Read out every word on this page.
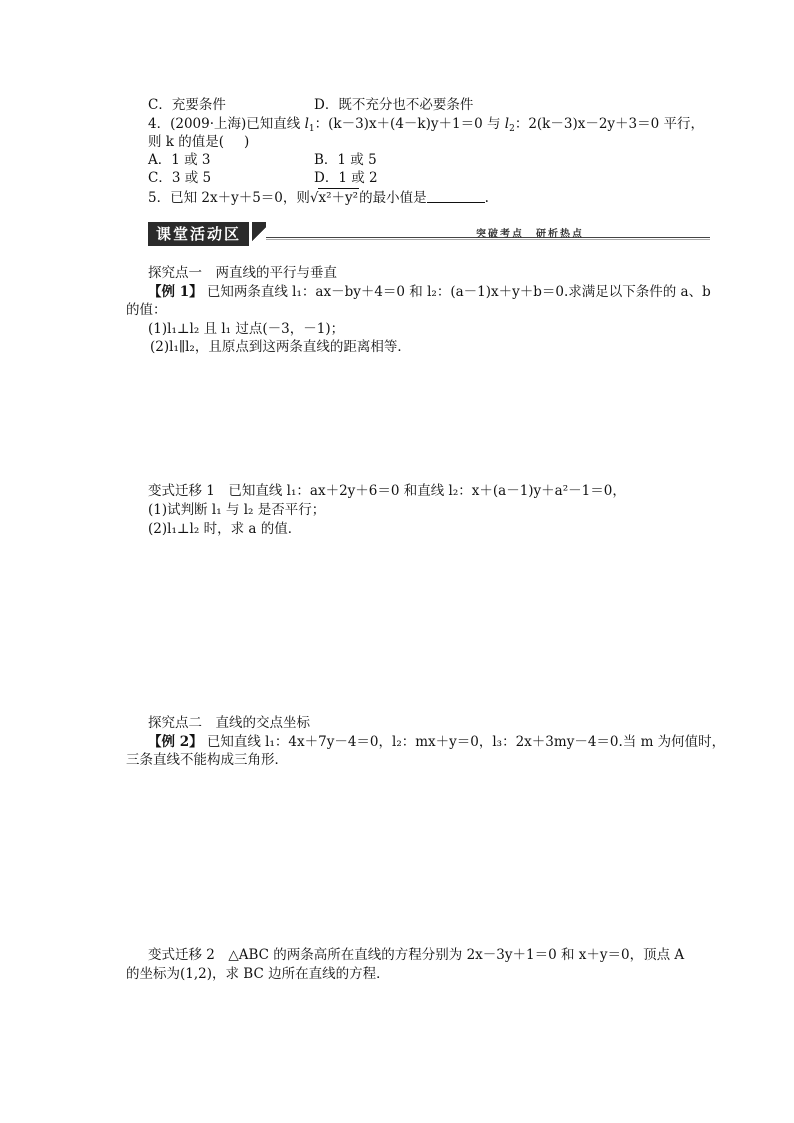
C．充要条件	D．既不充分也不必要条件
4．(2009·上海)已知直线 $l_1$：(k－3)x＋(4－k)y＋1＝0 与 $l_2$：2(k－3)x－2y＋3＝0 平行，
则 k 的值是( )
A．1 或 3	B．1 或 5
C．3 或 5	D．1 或 2
5．已知 2x＋y＋5＝0，则√x²＋y²的最小值是	.
课堂活动区	突破考点　研析热点
探究点一　两直线的平行与垂直
【例 1】 已知两条直线 l₁：ax－by＋4＝0 和 l₂：(a－1)x＋y＋b＝0.求满足以下条件的 a、b
的值：
(1)l₁⊥l₂ 且 l₁ 过点(－3，－1)；
(2)l₁∥l₂，且原点到这两条直线的距离相等．
变式迁移 1　已知直线 l₁：ax＋2y＋6＝0 和直线 l₂：x＋(a－1)y＋a²－1＝0，
(1)试判断 l₁ 与 l₂ 是否平行；
(2)l₁⊥l₂ 时，求 a 的值．
探究点二　直线的交点坐标
【例 2】 已知直线 l₁：4x＋7y－4＝0，l₂：mx＋y＝0，l₃：2x＋3my－4＝0.当 m 为何值时，
三条直线不能构成三角形．
变式迁移 2　△ABC 的两条高所在直线的方程分别为 2x－3y＋1＝0 和 x＋y＝0，顶点 A
的坐标为(1,2)，求 BC 边所在直线的方程．
